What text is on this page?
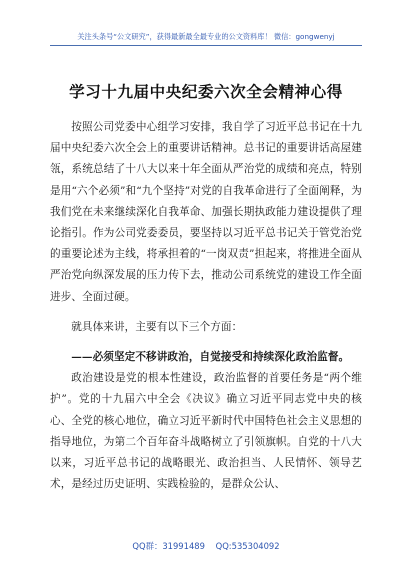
关注头条号“公文研究”，获得最新最全最专业的公文资料库！ 微信：gongwenyj
学习十九届中央纪委六次全会精神心得

按照公司党委中心组学习安排，我自学了习近平总书记在十九届中央纪委六次全会上的重要讲话精神。总书记的重要讲话高屋建瓴，系统总结了十八大以来十年全面从严治党的成绩和亮点，特别是用“六个必须”和“九个坚持”对党的自我革命进行了全面阐释，为我们党在未来继续深化自我革命、加强长期执政能力建设提供了理论指引。作为公司党委委员，要坚持以习近平总书记关于管党治党的重要论述为主线，将承担着的“一岗双责”担起来，将推进全面从严治党向纵深发展的压力传下去，推动公司系统党的建设工作全面进步、全面过硬。

就具体来讲，主要有以下三个方面：

——必须坚定不移讲政治，自觉接受和持续深化政治监督。

政治建设是党的根本性建设，政治监督的首要任务是“两个维护”。党的十九届六中全会《决议》确立习近平同志党中央的核心、全党的核心地位，确立习近平新时代中国特色社会主义思想的指导地位，为第二个百年奋斗战略树立了引领旗帜。自党的十八大以来，习近平总书记的战略眼光、政治担当、人民情怀、领导艺术，是经过历史证明、实践检验的，是群众公认、

QQ群：31991489 QQ:535304092
